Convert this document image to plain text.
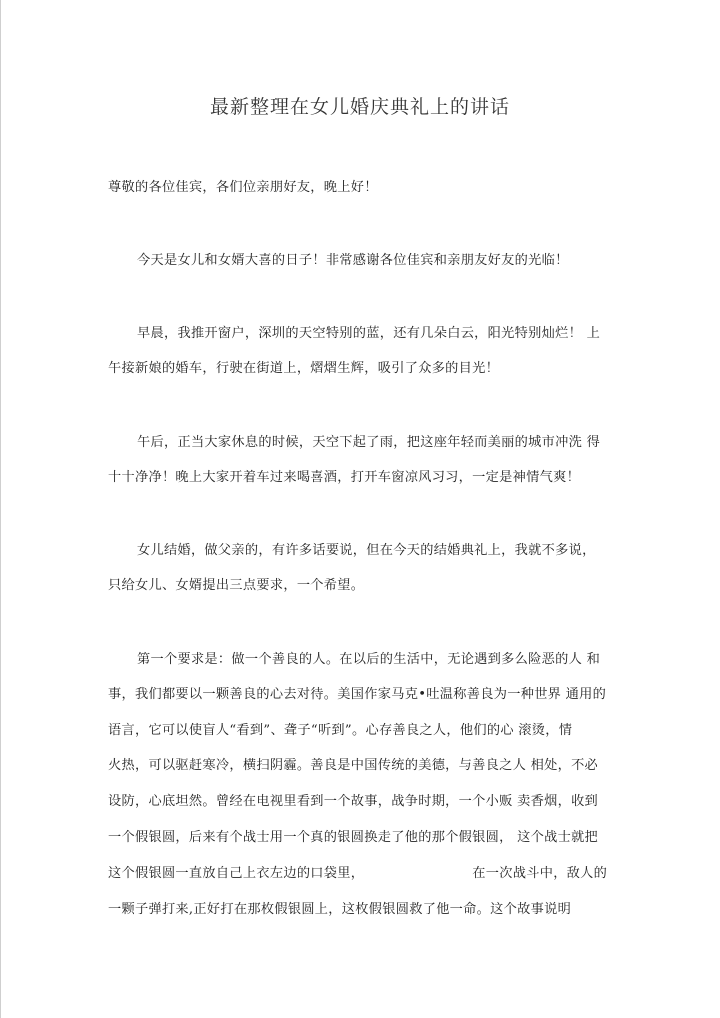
最新整理在女儿婚庆典礼上的讲话
尊敬的各位佳宾，各们位亲朋好友，晚上好！
今天是女儿和女婿大喜的日子！非常感谢各位佳宾和亲朋友好友的光临！
早晨，我推开窗户，深圳的天空特别的蓝，还有几朵白云，阳光特别灿烂！ 上
午接新娘的婚车，行驶在街道上，熠熠生辉，吸引了众多的目光！
午后，正当大家休息的时候，天空下起了雨，把这座年轻而美丽的城市冲洗 得
十十净净！晚上大家开着车过来喝喜酒，打开车窗凉风习习，一定是神情气爽！
女儿结婚，做父亲的，有许多话要说，但在今天的结婚典礼上，我就不多说，
只给女儿、女婿提出三点要求，一个希望。
第一个要求是：做一个善良的人。在以后的生活中，无论遇到多么险恶的人 和
事，我们都要以一颗善良的心去对待。美国作家马克•吐温称善良为一种世界 通用的
语言，它可以使盲人“看到”、聋子“听到”。心存善良之人，他们的心 滚烫，情
火热，可以驱赶寒冷，横扫阴霾。善良是中国传统的美德，与善良之人 相处，不必
设防，心底坦然。曾经在电视里看到一个故事，战争时期，一个小贩 卖香烟，收到
一个假银圆，后来有个战士用一个真的银圆换走了他的那个假银圆， 这个战士就把
这个假银圆一直放自己上衣左边的口袋里，	在一次战斗中，敌人的
一颗子弹打来,正好打在那枚假银圆上，这枚假银圆救了他一命。这个故事说明
